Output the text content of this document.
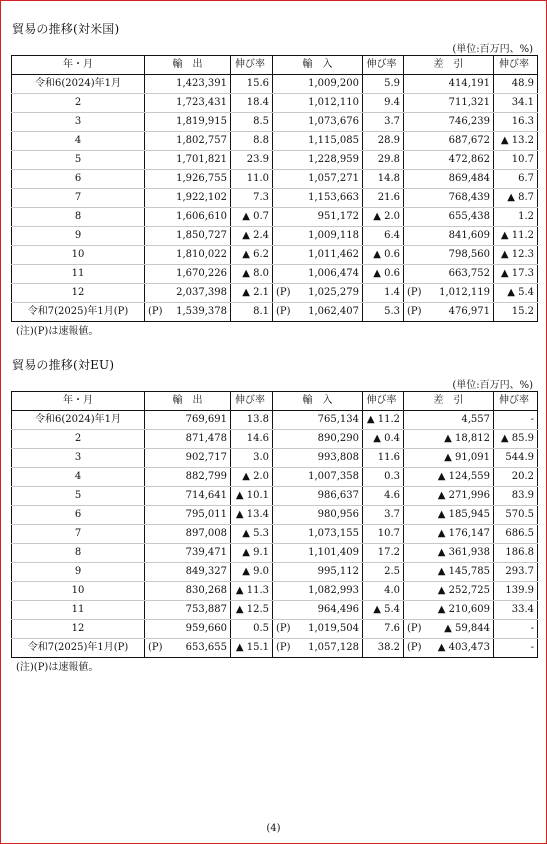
貿易の推移(対米国)
(単位:百万円、%)
年・月	輸　出	伸び率	輸　入	伸び率	差　引	伸び率
令和6(2024)年1月	1,423,391	15.6	1,009,200	5.9	414,191	48.9
2	1,723,431	18.4	1,012,110	9.4	711,321	34.1
3	1,819,915	8.5	1,073,676	3.7	746,239	16.3
4	1,802,757	8.8	1,115,085	28.9	687,672	▲ 13.2
5	1,701,821	23.9	1,228,959	29.8	472,862	10.7
6	1,926,755	11.0	1,057,271	14.8	869,484	6.7
7	1,922,102	7.3	1,153,663	21.6	768,439	▲ 8.7
8	1,606,610	▲ 0.7	951,172	▲ 2.0	655,438	1.2
9	1,850,727	▲ 2.4	1,009,118	6.4	841,609	▲ 11.2
10	1,810,022	▲ 6.2	1,011,462	▲ 0.6	798,560	▲ 12.3
11	1,670,226	▲ 8.0	1,006,474	▲ 0.6	663,752	▲ 17.3
12	2,037,398	▲ 2.1	(P) 1,025,279	1.4	(P) 1,012,119	▲ 5.4
令和7(2025)年1月(P)	(P) 1,539,378	8.1	(P) 1,062,407	5.3	(P) 476,971	15.2
(注)(P)は速報値。
貿易の推移(対EU)
(単位:百万円、%)
年・月	輸　出	伸び率	輸　入	伸び率	差　引	伸び率
令和6(2024)年1月	769,691	13.8	765,134	▲ 11.2	4,557	-
2	871,478	14.6	890,290	▲ 0.4	▲ 18,812	▲ 85.9
3	902,717	3.0	993,808	11.6	▲ 91,091	544.9
4	882,799	▲ 2.0	1,007,358	0.3	▲ 124,559	20.2
5	714,641	▲ 10.1	986,637	4.6	▲ 271,996	83.9
6	795,011	▲ 13.4	980,956	3.7	▲ 185,945	570.5
7	897,008	▲ 5.3	1,073,155	10.7	▲ 176,147	686.5
8	739,471	▲ 9.1	1,101,409	17.2	▲ 361,938	186.8
9	849,327	▲ 9.0	995,112	2.5	▲ 145,785	293.7
10	830,268	▲ 11.3	1,082,993	4.0	▲ 252,725	139.9
11	753,887	▲ 12.5	964,496	▲ 5.4	▲ 210,609	33.4
12	959,660	0.5	(P) 1,019,504	7.6	(P) ▲ 59,844	-
令和7(2025)年1月(P)	(P) 653,655	▲ 15.1	(P) 1,057,128	38.2	(P) ▲ 403,473	-
(注)(P)は速報値。
(4)
